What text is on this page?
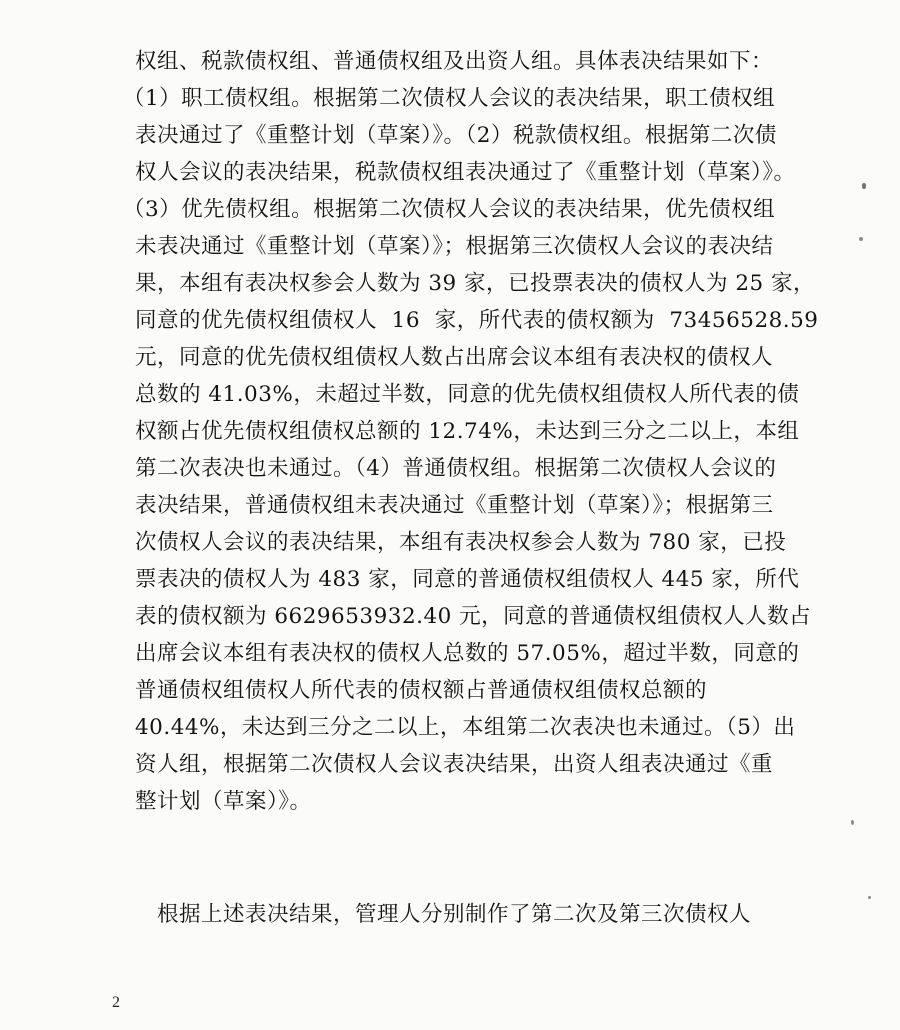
权组、税款债权组、普通债权组及出资人组。具体表决结果如下：
（1）职工债权组。根据第二次债权人会议的表决结果，职工债权组
表决通过了《重整计划（草案）》。（2）税款债权组。根据第二次债
权人会议的表决结果，税款债权组表决通过了《重整计划（草案）》。
（3）优先债权组。根据第二次债权人会议的表决结果，优先债权组
未表决通过《重整计划（草案）》；根据第三次债权人会议的表决结
果，本组有表决权参会人数为 39 家，已投票表决的债权人为 25 家，
同意的优先债权组债权人  16  家，所代表的债权额为  73456528.59
元，同意的优先债权组债权人数占出席会议本组有表决权的债权人
总数的 41.03%，未超过半数，同意的优先债权组债权人所代表的债
权额占优先债权组债权总额的 12.74%，未达到三分之二以上，本组
第二次表决也未通过。（4）普通债权组。根据第二次债权人会议的
表决结果，普通债权组未表决通过《重整计划（草案）》；根据第三
次债权人会议的表决结果，本组有表决权参会人数为 780 家，已投
票表决的债权人为 483 家，同意的普通债权组债权人 445 家，所代
表的债权额为 6629653932.40 元，同意的普通债权组债权人人数占
出席会议本组有表决权的债权人总数的 57.05%，超过半数，同意的
普通债权组债权人所代表的债权额占普通债权组债权总额的
40.44%，未达到三分之二以上，本组第二次表决也未通过。（5）出
资人组，根据第二次债权人会议表决结果，出资人组表决通过《重
整计划（草案）》。
根据上述表决结果，管理人分别制作了第二次及第三次债权人
2
